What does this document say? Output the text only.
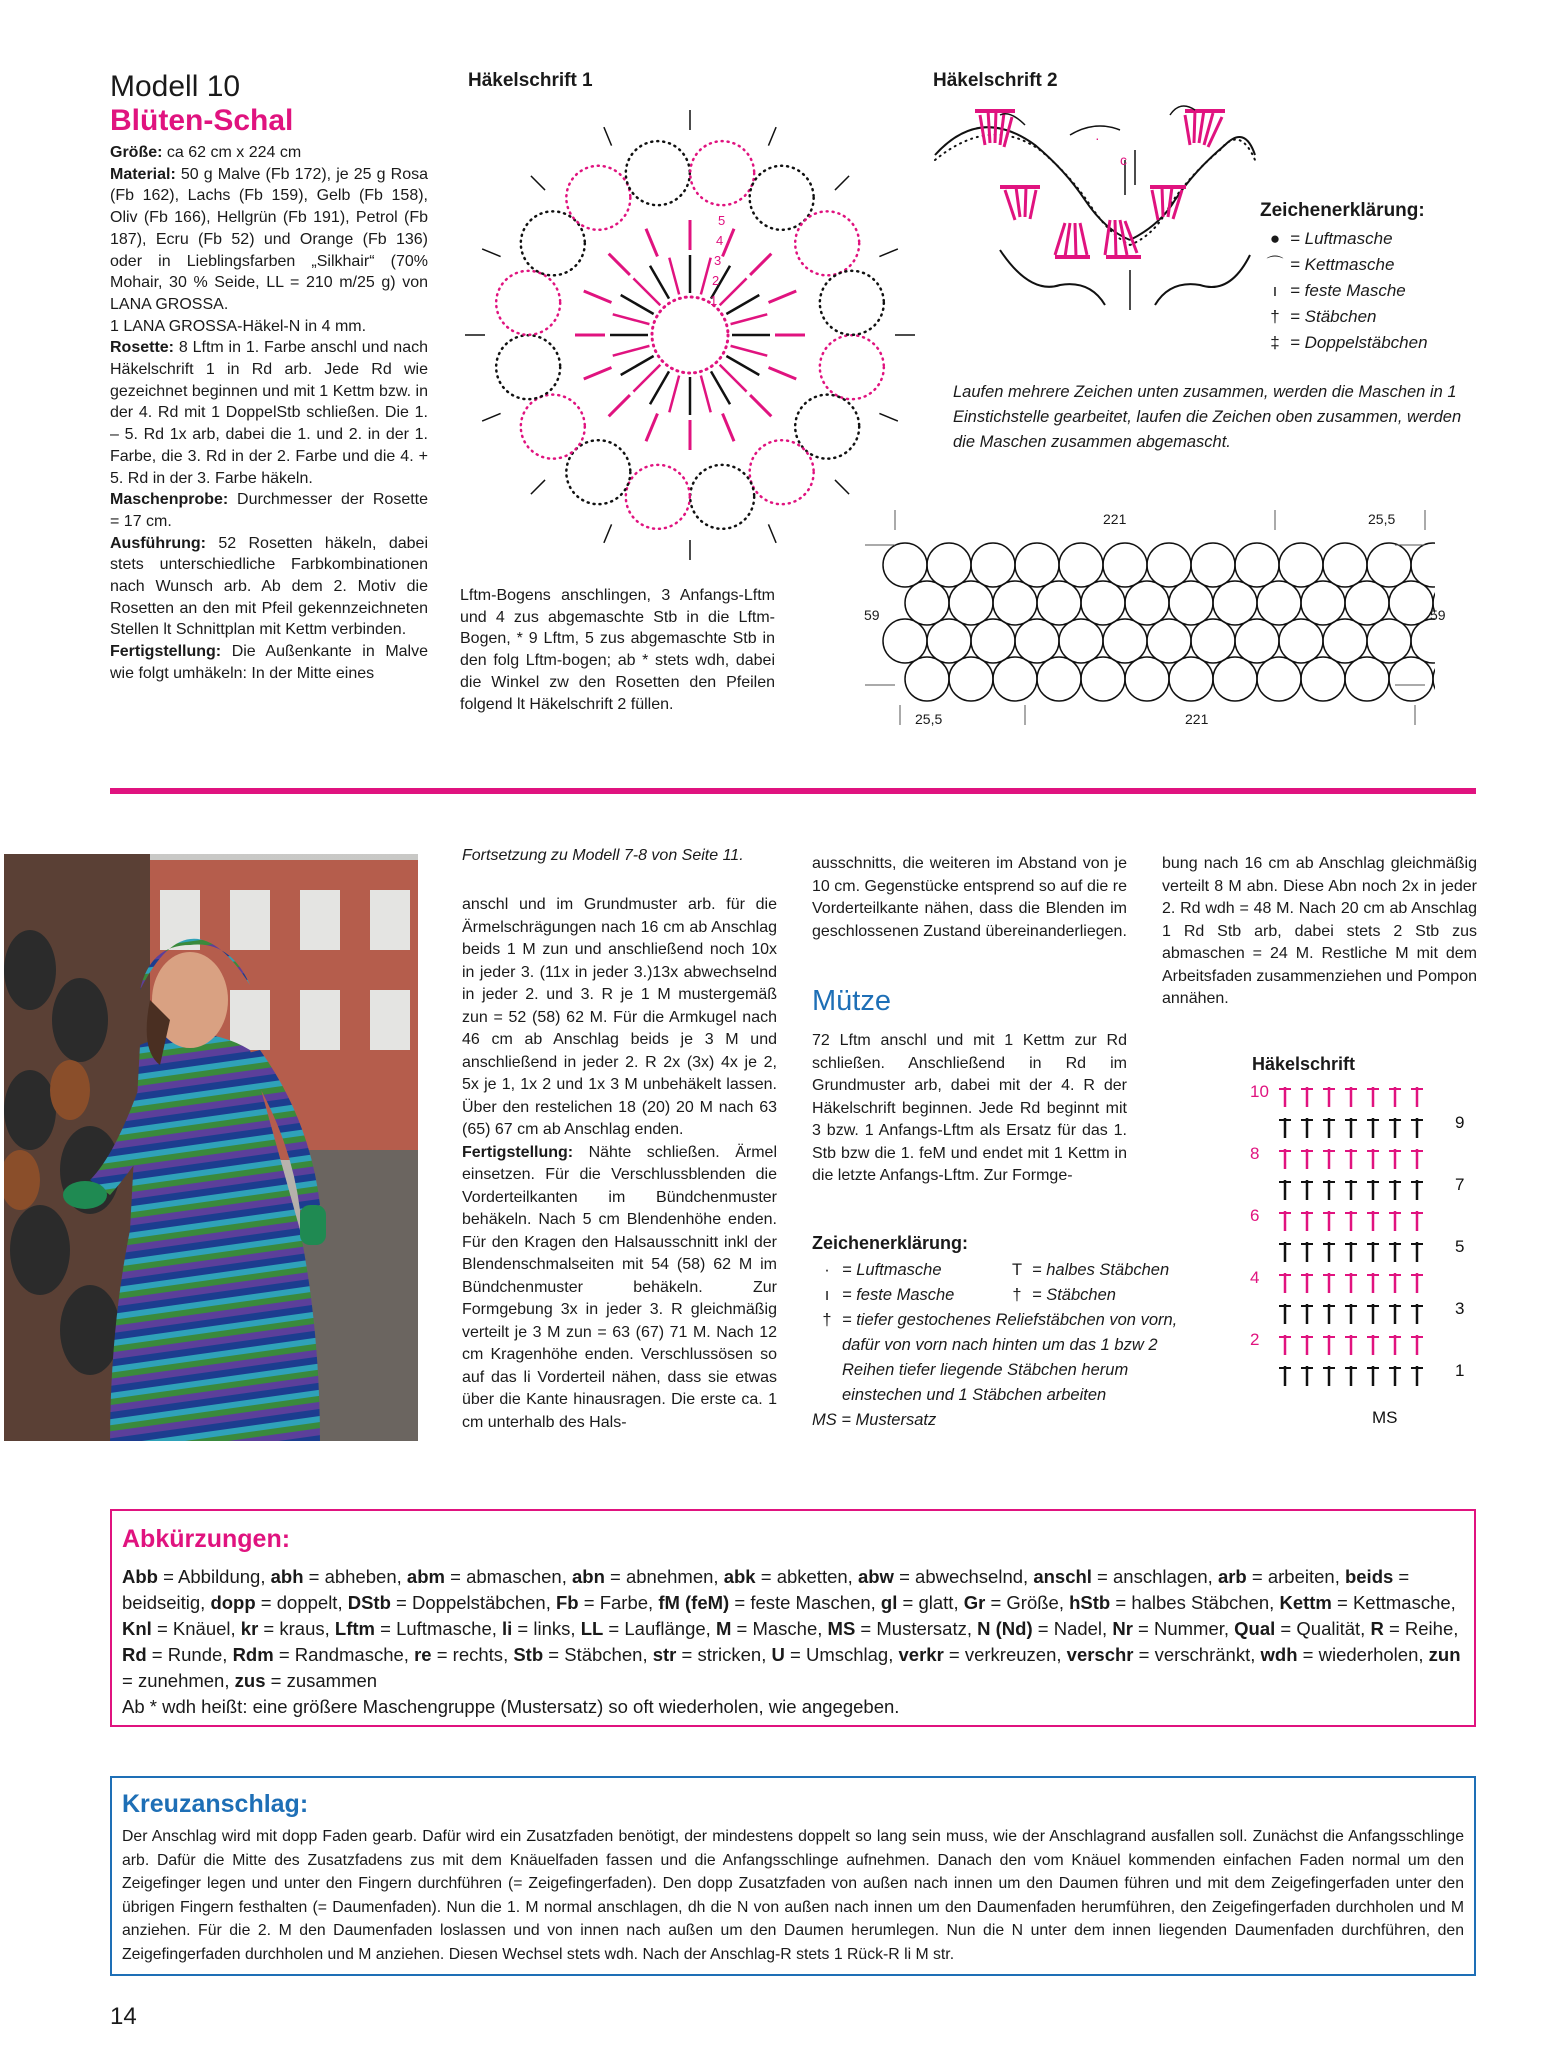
Modell 10
Blüten-Schal
Größe: ca 62 cm x 224 cm
Material: 50 g Malve (Fb 172), je 25 g Rosa (Fb 162), Lachs (Fb 159), Gelb (Fb 158), Oliv (Fb 166), Hellgrün (Fb 191), Petrol (Fb 187), Ecru (Fb 52) und Orange (Fb 136) oder in Lieblingsfarben „Silkhair“ (70% Mohair, 30 % Seide, LL = 210 m/25 g) von LANA GROSSA.
1 LANA GROSSA-Häkel-N in 4 mm.
Rosette: 8 Lftm in 1. Farbe anschl und nach Häkelschrift 1 in Rd arb. Jede Rd wie gezeichnet beginnen und mit 1 Kettm bzw. in der 4. Rd mit 1 DoppelStb schließen. Die 1. – 5. Rd 1x arb, dabei die 1. und 2. in der 1. Farbe, die 3. Rd in der 2. Farbe und die 4. + 5. Rd in der 3. Farbe häkeln.
Maschenprobe: Durchmesser der Rosette = 17 cm.
Ausführung: 52 Rosetten häkeln, dabei stets unterschiedliche Farbkombinationen nach Wunsch arb. Ab dem 2. Motiv die Rosetten an den mit Pfeil gekennzeichneten Stellen lt Schnittplan mit Kettm verbinden.
Fertigstellung: Die Außenkante in Malve wie folgt umhäkeln: In der Mitte eines
Lftm-Bogens anschlingen, 3 Anfangs-Lftm und 4 zus abgemaschte Stb in die Lftm-Bogen, * 9 Lftm, 5 zus abgemaschte Stb in den folg Lftm-bogen; ab * stets wdh, dabei die Winkel zw den Rosetten den Pfeilen folgend lt Häkelschrift 2 füllen.
Häkelschrift 1
5
4
3
2
1
Häkelschrift 2
·
c
Zeichenerklärung:
● = Luftmasche
⌒ = Kettmasche
ı = feste Masche
† = Stäbchen
‡ = Doppelstäbchen
Laufen mehrere Zeichen unten zusammen, werden die Maschen in 1 Einstichstelle gearbeitet, laufen die Zeichen oben zusammen, werden die Maschen zusammen abgemascht.
221	25,5
59	59
25,5	221
Fortsetzung zu Modell 7-8 von Seite 11.
anschl und im Grundmuster arb. für die Ärmelschrägungen nach 16 cm ab Anschlag beids 1 M zun und anschließend noch 10x in jeder 3. (11x in jeder 3.)13x abwechselnd in jeder 2. und 3. R je 1 M mustergemäß zun = 52 (58) 62 M. Für die Armkugel nach 46 cm ab Anschlag beids je 3 M und anschließend in jeder 2. R 2x (3x) 4x je 2, 5x je 1, 1x 2 und 1x 3 M unbehäkelt lassen. Über den restelichen 18 (20) 20 M nach 63 (65) 67 cm ab Anschlag enden.
Fertigstellung: Nähte schließen. Ärmel einsetzen. Für die Verschlussblenden die Vorderteilkanten im Bündchenmuster behäkeln. Nach 5 cm Blendenhöhe enden. Für den Kragen den Halsausschnitt inkl der Blendenschmalseiten mit 54 (58) 62 M im Bündchenmuster behäkeln. Zur Formgebung 3x in jeder 3. R gleichmäßig verteilt je 3 M zun = 63 (67) 71 M. Nach 12 cm Kragenhöhe enden. Verschlussösen so auf das li Vorderteil nähen, dass sie etwas über die Kante hinausragen. Die erste ca. 1 cm unterhalb des Hals-
ausschnitts, die weiteren im Abstand von je 10 cm. Gegenstücke entsprend so auf die re Vorderteilkante nähen, dass die Blenden im geschlossenen Zustand übereinanderliegen.
Mütze
72 Lftm anschl und mit 1 Kettm zur Rd schließen. Anschließend in Rd im Grundmuster arb, dabei mit der 4. R der Häkelschrift beginnen. Jede Rd beginnt mit 3 bzw. 1 Anfangs-Lftm als Ersatz für das 1. Stb bzw die 1. feM und endet mit 1 Kettm in die letzte Anfangs-Lftm. Zur Formge-
bung nach 16 cm ab Anschlag gleichmäßig verteilt 8 M abn. Diese Abn noch 2x in jeder 2. Rd wdh = 48 M. Nach 20 cm ab Anschlag 1 Rd Stb arb, dabei stets 2 Stb zus abmaschen = 24 M. Restliche M mit dem Arbeitsfaden zusammenziehen und Pompon annähen.
Zeichenerklärung:
· = Luftmasche	T = halbes Stäbchen
ı = feste Masche	† = Stäbchen
† = tiefer gestochenes Reliefstäbchen von vorn, dafür von vorn nach hinten um das 1 bzw 2 Reihen tiefer liegende Stäbchen herum einstechen und 1 Stäbchen arbeiten
MS = Mustersatz
Häkelschrift
10
8
6
4
2
9
7
5
3
1
MS
Abkürzungen:
Abb = Abbildung, abh = abheben, abm = abmaschen, abn = abnehmen, abk = abketten, abw = abwechselnd, anschl = anschlagen, arb = arbeiten, beids = beidseitig, dopp = doppelt, DStb = Doppelstäbchen, Fb = Farbe, fM (feM) = feste Maschen, gl = glatt, Gr = Größe, hStb = halbes Stäbchen, Kettm = Kettmasche, Knl = Knäuel, kr = kraus, Lftm = Luftmasche, li = links, LL = Lauflänge, M = Masche, MS = Mustersatz, N (Nd) = Nadel, Nr = Nummer, Qual = Qualität, R = Reihe, Rd = Runde, Rdm = Randmasche, re = rechts, Stb = Stäbchen, str = stricken, U = Umschlag, verkr = verkreuzen, verschr = verschränkt, wdh = wiederholen, zun = zunehmen, zus = zusammen
Ab * wdh heißt: eine größere Maschengruppe (Mustersatz) so oft wiederholen, wie angegeben.
Kreuzanschlag:
Der Anschlag wird mit dopp Faden gearb. Dafür wird ein Zusatzfaden benötigt, der mindestens doppelt so lang sein muss, wie der Anschlagrand ausfallen soll. Zunächst die Anfangsschlinge arb. Dafür die Mitte des Zusatzfadens zus mit dem Knäuelfaden fassen und die Anfangsschlinge aufnehmen. Danach den vom Knäuel kommenden einfachen Faden normal um den Zeigefinger legen und unter den Fingern durchführen (= Zeigefingerfaden). Den dopp Zusatzfaden von außen nach innen um den Daumen führen und mit dem Zeigefingerfaden unter den übrigen Fingern festhalten (= Daumenfaden). Nun die 1. M normal anschlagen, dh die N von außen nach innen um den Daumenfaden herumführen, den Zeigefingerfaden durchholen und M anziehen. Für die 2. M den Daumenfaden loslassen und von innen nach außen um den Daumen herumlegen. Nun die N unter dem innen liegenden Daumenfaden durchführen, den Zeigefingerfaden durchholen und M anziehen. Diesen Wechsel stets wdh. Nach der Anschlag-R stets 1 Rück-R li M str.
14
